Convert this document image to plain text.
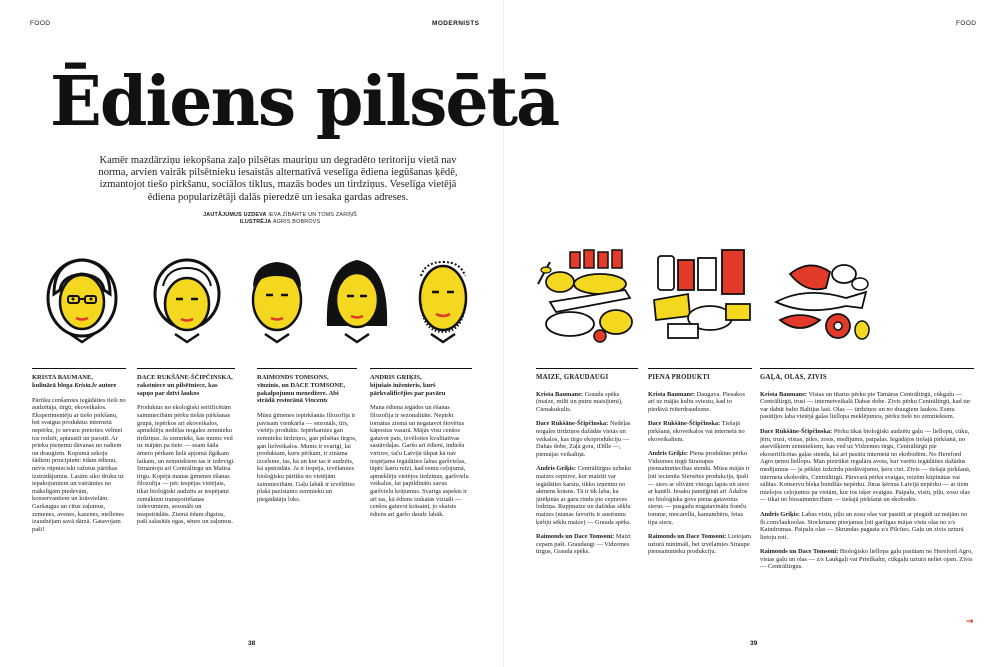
FOOD	MODERNISTS	FOOD
Ēdiens pilsētā

Kamēr mazdārziņu iekopšana zaļo pilsētas mauriņu un degradēto teritoriju vietā nav norma, arvien vairāk pilsētnieku iesaistās alternatīvā veselīga ēdiena iegūšanas ķēdē, izmantojot tiešo pirkšanu, sociālos tiklus, mazās bodes un tirdziņus. Veselīga vietējā ēdiena popularizētāji dalās pieredzē un iesaka gardas adreses.

JAUTĀJUMUS UZDEVA IEVA ZĪBĀRTE UN TOMS ZARIŅŠ
ILUSTRĒJA AGRIS BOBROVS
KRISTA BAUMANE,
kulinārā bloga Krista.lv autore
Pārtiku cenšamies iegādāties tieši no audzētāja, tirgū, ekoveikalos. Eksperimentēju ar tiešo pirkšanu, bet svaigus produktus internetā nepērku, jo nevaru pretoties vēlmei tos redzēt, aptaustīt un paostīt. Ar prieku pieņemu dāvanas no radiem un draugiem. Kopumā sekoju šādiem principiem: ēdam ēdienu, nevis rūpnieciski ražotus pārtikas izstrādājumus. Lasām siko druku uz iepakojumiem un vairāmies no mākslīgām piedevām, konservantiem un krāsvielām. Garšaugus un citus zaļumus, zemenes, avenes, kazenes, mellenes izaudzējam savā dārzā. Gatavojam paši!
DACE RUKŠĀNE-ŠČIPČINSKA,
rakstniece un pilsētniece, kas sapņo par dzīvi laukos
Produktus no ekoloģiski sertificētām saimniecībām pērku tiešās pirkšanas grupā, iepērkos arī ekoveikalos, apmeklēju nedēļas nogales zemnieku tirdziņus. Ja zemnieki, kas mums ved uz mājām pa tieto — esam šāda āmero pērkam lielā apjomā ilgākam laikam, un zemniekiem tas ir izdevīgi. Izmantoju arī Centrāltirgu un Matīsa tirgu. Kopējā manas ģimenes ēšanas filozofija — pēc iespējas vietējais, tikai bioloģiski audzēts ar iespējami zemākiem transportēšanas izdevumiem, sezonāls un neapstrādāts. Ziemā ēdam dīgstus, paši salasītās ogas, sēnes un zaļumus.
RAIMONDS TOMSONS,
vīnzinis, un DACE TOMSONE, pakalpojumu menedžere. Abi strādā restorānā Vincents
Mūsu ģimenes iepirkšanās filozofija ir pavisam vienkārša — sezonāls, tīrs, vietējs produkts. Iepērkamies gan zemnieku tirdziņos, gan pilsētas tirgos, gan lielveikalos. Mums ir svarīgi, lai produktam, kuru pērkam, ir zināma izcelsme, tas, kā un kur tas ir audzēts, kā apstrādāts. Ja ir iespēja, izvēlamies bioloģisku pārtiku no vietējām saimniecībām. Gaļu labāk ir izvēlēties plašā pazīstamo zemnieku un piegādātāju loks.
ANDRIS GRIĶIS,
bijušais inženieris, kurš pārkvalificējies par pavāru
Mana ēdiena iegādes un ēšanas filozofija ir sezonalitāte. Nepirkt tomātus ziemā un negatavot štovētus kāpostus vasarā. Mājās visu cenšos gatavot pats, izvēloties kvalitatīvas sastāvdaļas. Garšo arī ēdieni, indiešu virtuve, taču Latvijā tikpat kā nav iespējams iegādāties labas garšvielas, tāpēc katru reizi, kad esmu ceļojumā, apmeklēju vietējos tirdziņus, garšvielu veikalus, lai papildinātu savus garšvielu krājumus. Svarīgs aspekts ir arī tas, kā ēdiens izskatās vizuāli — cenšos gatavot krāsaini, jo skaists ēdiens arī garšo daudz labāk.
MAIZE, GRAUDAUGI
Krista Baumane: Grauda spēks (maize, milti un putru maisījumi), Cienakukulis.
Dace Rukšāne-Ščipčinska: Nedēļas nogales tirdziņos dažādās vietās un veikalos, kas tirgo ekoprodukciju — Dabas dobe, Zaļā gora, iDille —, piemājas veikaliņā.
Andris Griķis: Centrāltirgus uzbeku maizes ceptuve, kur maizīti var iegādāties karstu, tikko izņemtu no akmens krāsns. Tā ir tik laba, ka jārēķinās ar garu rindu pie ceptuves lodziņa. Rupjmaize un dažādas sēklu maizes (manas favorīts ir austrumu ķirbju sēklu maize) — Grauda spēks.
Raimonds un Dace Tomsoni: Maizi cepam paši. Graudaugi — Vidzemes tirgus, Grauda spēks.
PIENA PRODUKTI
Krista Baumane: Daugava. Piesakos arī uz mājās kultu sviestu, kad to piedāvā tvīterdraudzene.
Dace Rukšāne-Ščipčinska: Tiešajā pirkšanā, ekoveikalos vai internetā no ekoveikaliem.
Andris Griķis: Piena produktus pērku Vidzemes tirgū Strauupes piensaimniecības stendā. Mūsu mājās ir ļoti iecienīta Siersētes produkcija, īpaši — siers ar olīvām vīnogu lapās un siers ar kanēli. Iesaku pamēģināt arī Ādažos no bioloģiska govs piena gatavotus sierus — pusgadu nogatavinātu franču tomme, mocarellu, kamambēru, fetas tipa sieru.
Raimonds un Dace Tomsoni: Lietojam uzturā minimāli, bet izvēlamies Straupe piensaimnieku produkciju.
GAĻA, OLAS, ZIVIS
Krista Baumane: Vistas un tītarus pērku pie Tamāras Centrāltirgū, cūkgaļu — Centrāltirgū, trusi — internetveikalā Dabas dobe. Zivis pērku Centrāltirgū, kad tur var dabūt balto Baltijas lasi. Olas — tirdziņos un no draugiem laukos. Esmu pasūtījos laba vietējā gaļas liellopa meklējumos, pērku tieši no zemniekiem.
Dace Rukšāne-Ščipčinska: Pērku tikai bioloģiski audzētu gaļu — liellopu, cūku, jēru, trusi, vistas, pīles, zosis, medījumu, paipalas. Iegādājos tiešajā pirkšanā, no atsevišķiem zemniekiem, kas ved uz Vidzemes tirgu, Centrāltirgū pie ekosertificētas gaļas stenda, kā arī pasūtu internetā no ekobodēm. No Hereford Agro ņemu liellopu. Man pietrūkst regulāra avota, kur varētu iegādāties dažādus medījumus — ja pēkšņi izdzirdu piedāvājumu, ķeru ciet. Zivis — tiešajā pirkšanā, interneta ekobodēs, Centrāltirgū. Pārsvarā pērku svaigas, reizēm kūpinātas vai sālītas. Konservu bleķa bundžās nepērku. Jūras ķērnus Latvijā nepērku — ar tiem mielojos ceļojumos pa vietām, kur tos īsķer svaigus. Paipalu, vistu, pīļu, zosu olas — tikai no biosaimniecībām — tiešajā pirkšanā un ekobodēs.
Andris Griķis: Labas vistu, pīļu un zosu olas var pasūtīt ar piegādi uz mājām no fb.com/laukoolas. Stockmann pieejamas ļoti garšīgas mājas vistu olas no z/s Kaindrumas. Paipalu olas — Skrundas pagasta z/s Pīlcītes. Gaļu un zivis uzturā lietoju reti.
Raimonds un Dace Tomsoni: Bioloģisko liellopa gaļu pasūtam no Hereford Agro, vistas gaļu un olas — z/s Laukgaļi vai Priežkalni, cūkgaļu uzturā neliet ojam. Zivis — Centrāltirgus.
→
38	39
